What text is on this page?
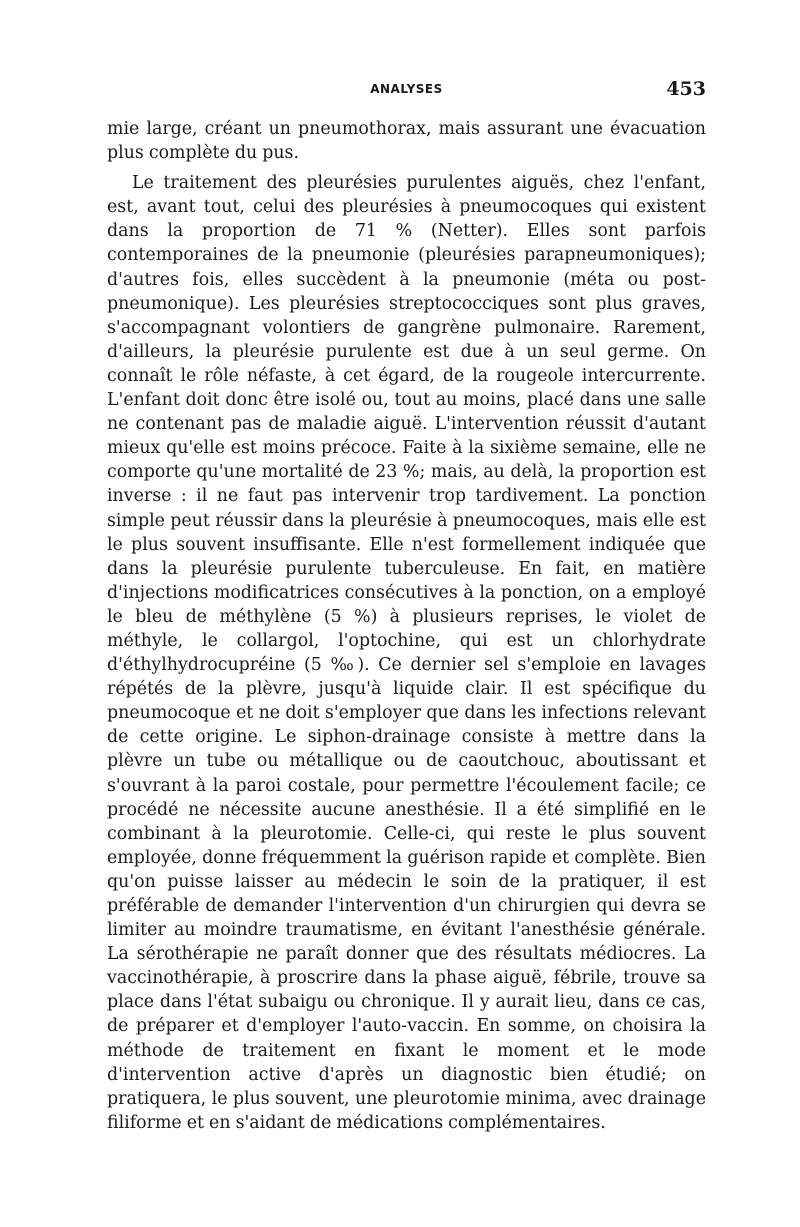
ANALYSES	453

mie large, créant un pneumothorax, mais assurant une évacuation plus complète du pus.

Le traitement des pleurésies purulentes aiguës, chez l'enfant, est, avant tout, celui des pleurésies à pneumocoques qui existent dans la proportion de 71 % (Netter). Elles sont parfois contemporaines de la pneumonie (pleurésies parapneumoniques); d'autres fois, elles succèdent à la pneumonie (méta ou post-pneumonique). Les pleurésies streptococciques sont plus graves, s'accompagnant volontiers de gangrène pulmonaire. Rarement, d'ailleurs, la pleurésie purulente est due à un seul germe. On connaît le rôle néfaste, à cet égard, de la rougeole intercurrente. L'enfant doit donc être isolé ou, tout au moins, placé dans une salle ne contenant pas de maladie aiguë. L'intervention réussit d'autant mieux qu'elle est moins précoce. Faite à la sixième semaine, elle ne comporte qu'une mortalité de 23 %; mais, au delà, la proportion est inverse : il ne faut pas intervenir trop tardivement. La ponction simple peut réussir dans la pleurésie à pneumocoques, mais elle est le plus souvent insuffisante. Elle n'est formellement indiquée que dans la pleurésie purulente tuberculeuse. En fait, en matière d'injections modificatrices consécutives à la ponction, on a employé le bleu de méthylène (5 %) à plusieurs reprises, le violet de méthyle, le collargol, l'optochine, qui est un chlorhydrate d'éthylhydrocupréine (5 ‰). Ce dernier sel s'emploie en lavages répétés de la plèvre, jusqu'à liquide clair. Il est spécifique du pneumocoque et ne doit s'employer que dans les infections relevant de cette origine. Le siphon-drainage consiste à mettre dans la plèvre un tube ou métallique ou de caoutchouc, aboutissant et s'ouvrant à la paroi costale, pour permettre l'écoulement facile; ce procédé ne nécessite aucune anesthésie. Il a été simplifié en le combinant à la pleurotomie. Celle-ci, qui reste le plus souvent employée, donne fréquemment la guérison rapide et complète. Bien qu'on puisse laisser au médecin le soin de la pratiquer, il est préférable de demander l'intervention d'un chirurgien qui devra se limiter au moindre traumatisme, en évitant l'anesthésie générale. La sérothérapie ne paraît donner que des résultats médiocres. La vaccinothérapie, à proscrire dans la phase aiguë, fébrile, trouve sa place dans l'état subaigu ou chronique. Il y aurait lieu, dans ce cas, de préparer et d'employer l'auto-vaccin. En somme, on choisira la méthode de traitement en fixant le moment et le mode d'intervention active d'après un diagnostic bien étudié; on pratiquera, le plus souvent, une pleurotomie minima, avec drainage filiforme et en s'aidant de médications complémentaires.
